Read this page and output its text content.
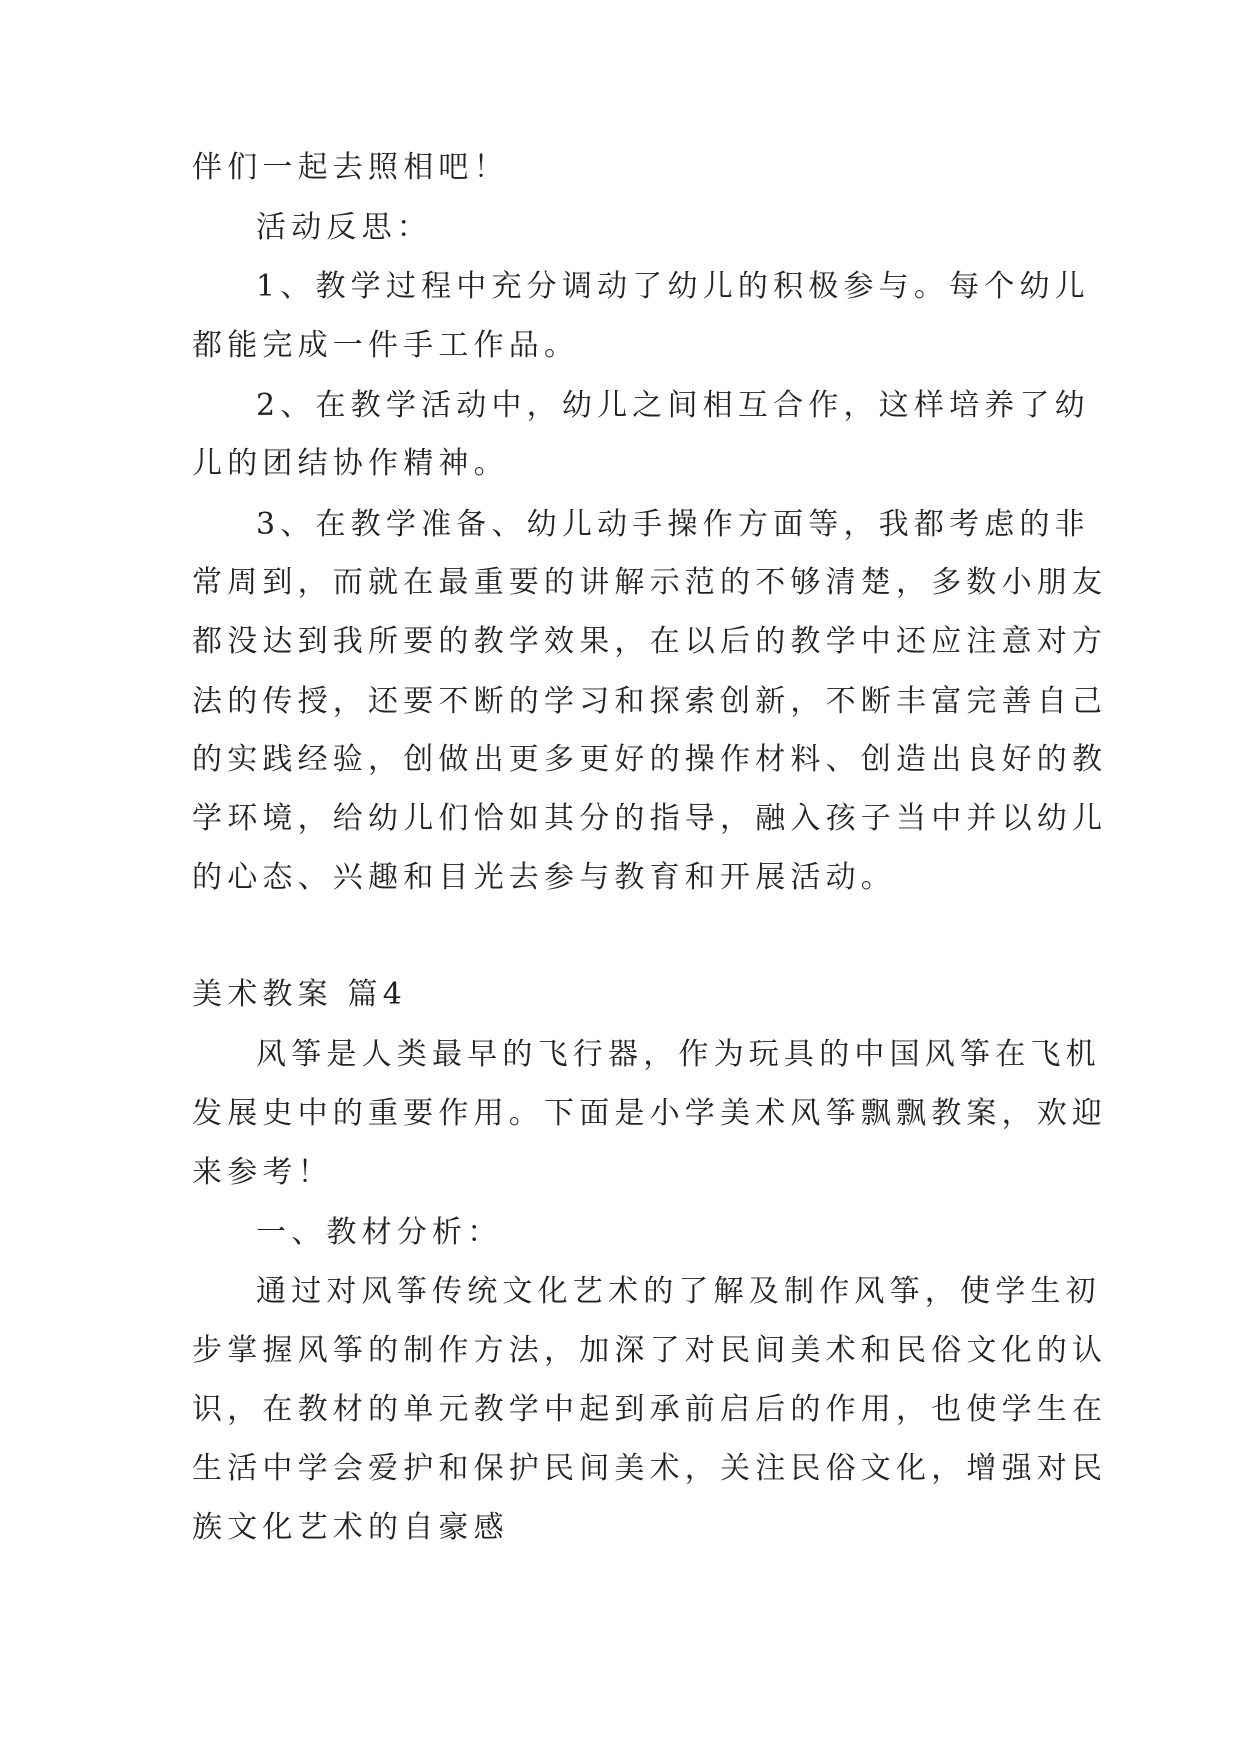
伴们一起去照相吧！
活动反思：
1、教学过程中充分调动了幼儿的积极参与。每个幼儿
都能完成一件手工作品。
2、在教学活动中，幼儿之间相互合作，这样培养了幼
儿的团结协作精神。
3、在教学准备、幼儿动手操作方面等，我都考虑的非
常周到，而就在最重要的讲解示范的不够清楚，多数小朋友
都没达到我所要的教学效果，在以后的教学中还应注意对方
法的传授，还要不断的学习和探索创新，不断丰富完善自己
的实践经验，创做出更多更好的操作材料、创造出良好的教
学环境，给幼儿们恰如其分的指导，融入孩子当中并以幼儿
的心态、兴趣和目光去参与教育和开展活动。
美术教案 篇4
风筝是人类最早的飞行器，作为玩具的中国风筝在飞机
发展史中的重要作用。下面是小学美术风筝飘飘教案，欢迎
来参考！
一、教材分析：
通过对风筝传统文化艺术的了解及制作风筝，使学生初
步掌握风筝的制作方法，加深了对民间美术和民俗文化的认
识，在教材的单元教学中起到承前启后的作用，也使学生在
生活中学会爱护和保护民间美术，关注民俗文化，增强对民
族文化艺术的自豪感
